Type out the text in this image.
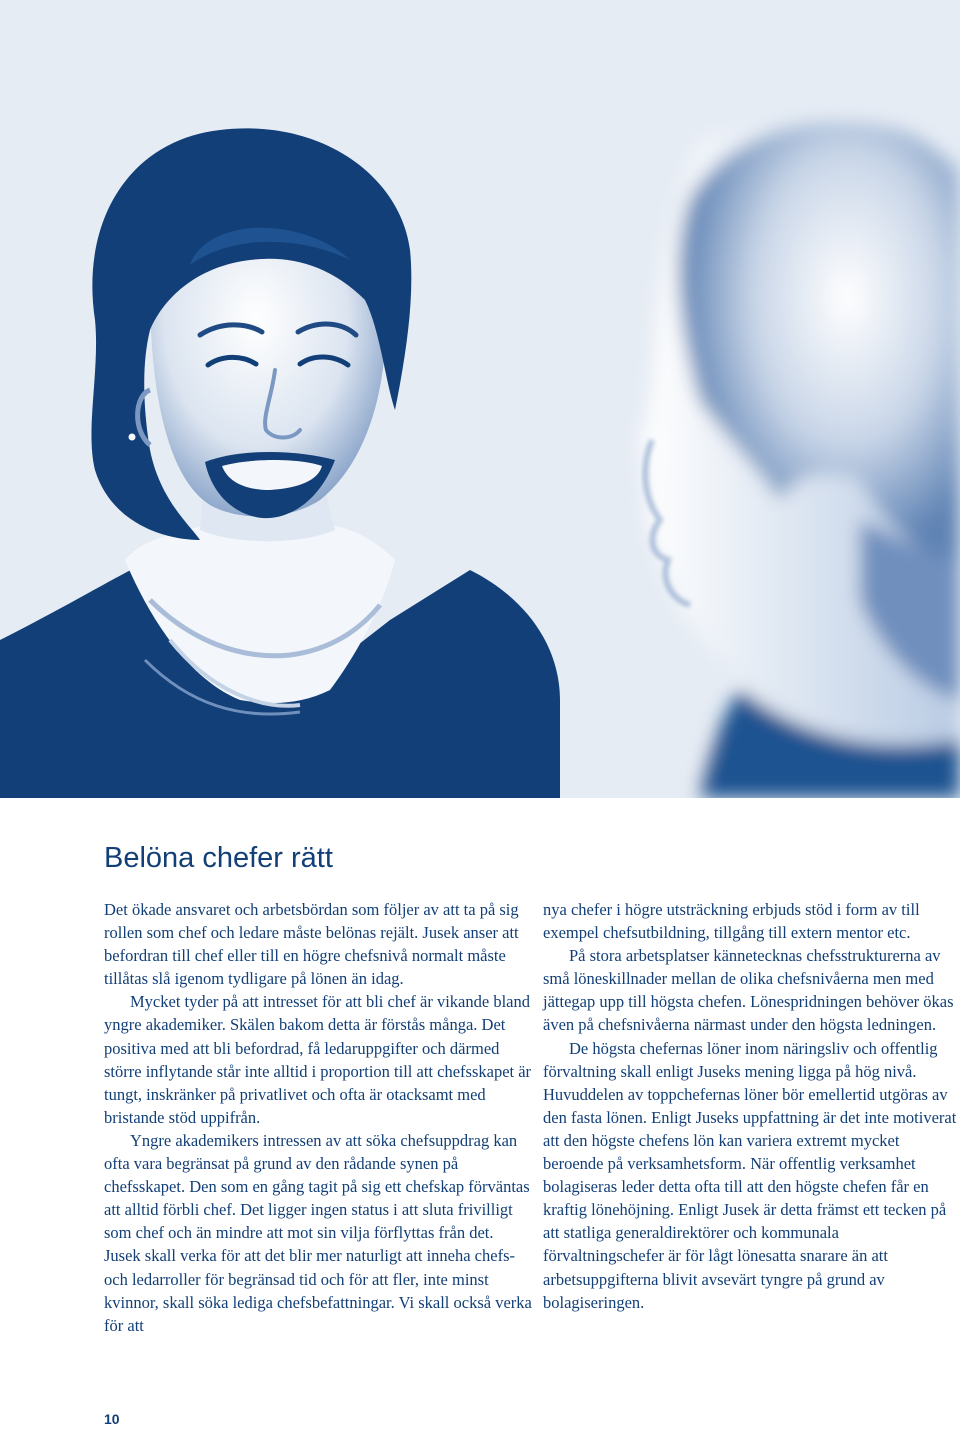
Belöna chefer rätt

Det ökade ansvaret och arbetsbördan som följer av att ta på sig rollen som chef och ledare måste belönas rejält. Jusek anser att befordran till chef eller till en högre chefsnivå normalt måste tillåtas slå igenom tydligare på lönen än idag.

Mycket tyder på att intresset för att bli chef är vikande bland yngre akademiker. Skälen bakom detta är förstås många. Det positiva med att bli befordrad, få ledaruppgifter och därmed större inflytande står inte alltid i proportion till att chefsskapet är tungt, inskränker på privatlivet och ofta är otacksamt med bristande stöd uppifrån.

Yngre akademikers intressen av att söka chefsuppdrag kan ofta vara begränsat på grund av den rådande synen på chefsskapet. Den som en gång tagit på sig ett chefskap förväntas att alltid förbli chef. Det ligger ingen status i att sluta frivilligt som chef och än mindre att mot sin vilja förflyttas från det. Jusek skall verka för att det blir mer naturligt att inneha chefs- och ledarroller för begränsad tid och för att fler, inte minst kvinnor, skall söka lediga chefsbefattningar. Vi skall också verka för att

nya chefer i högre utsträckning erbjuds stöd i form av till exempel chefsutbildning, tillgång till extern mentor etc.

På stora arbetsplatser kännetecknas chefsstrukturerna av små löneskillnader mellan de olika chefsnivåerna men med jättegap upp till högsta chefen. Lönespridningen behöver ökas även på chefsnivåerna närmast under den högsta ledningen.

De högsta chefernas löner inom näringsliv och offentlig förvaltning skall enligt Juseks mening ligga på hög nivå. Huvuddelen av toppchefernas löner bör emellertid utgöras av den fasta lönen. Enligt Juseks uppfattning är det inte motiverat att den högste chefens lön kan variera extremt mycket beroende på verksamhetsform. När offentlig verksamhet bolagiseras leder detta ofta till att den högste chefen får en kraftig lönehöjning. Enligt Jusek är detta främst ett tecken på att statliga generaldirektörer och kommunala förvaltningschefer är för lågt lönesatta snarare än att arbetsuppgifterna blivit avsevärt tyngre på grund av bolagiseringen.

10
